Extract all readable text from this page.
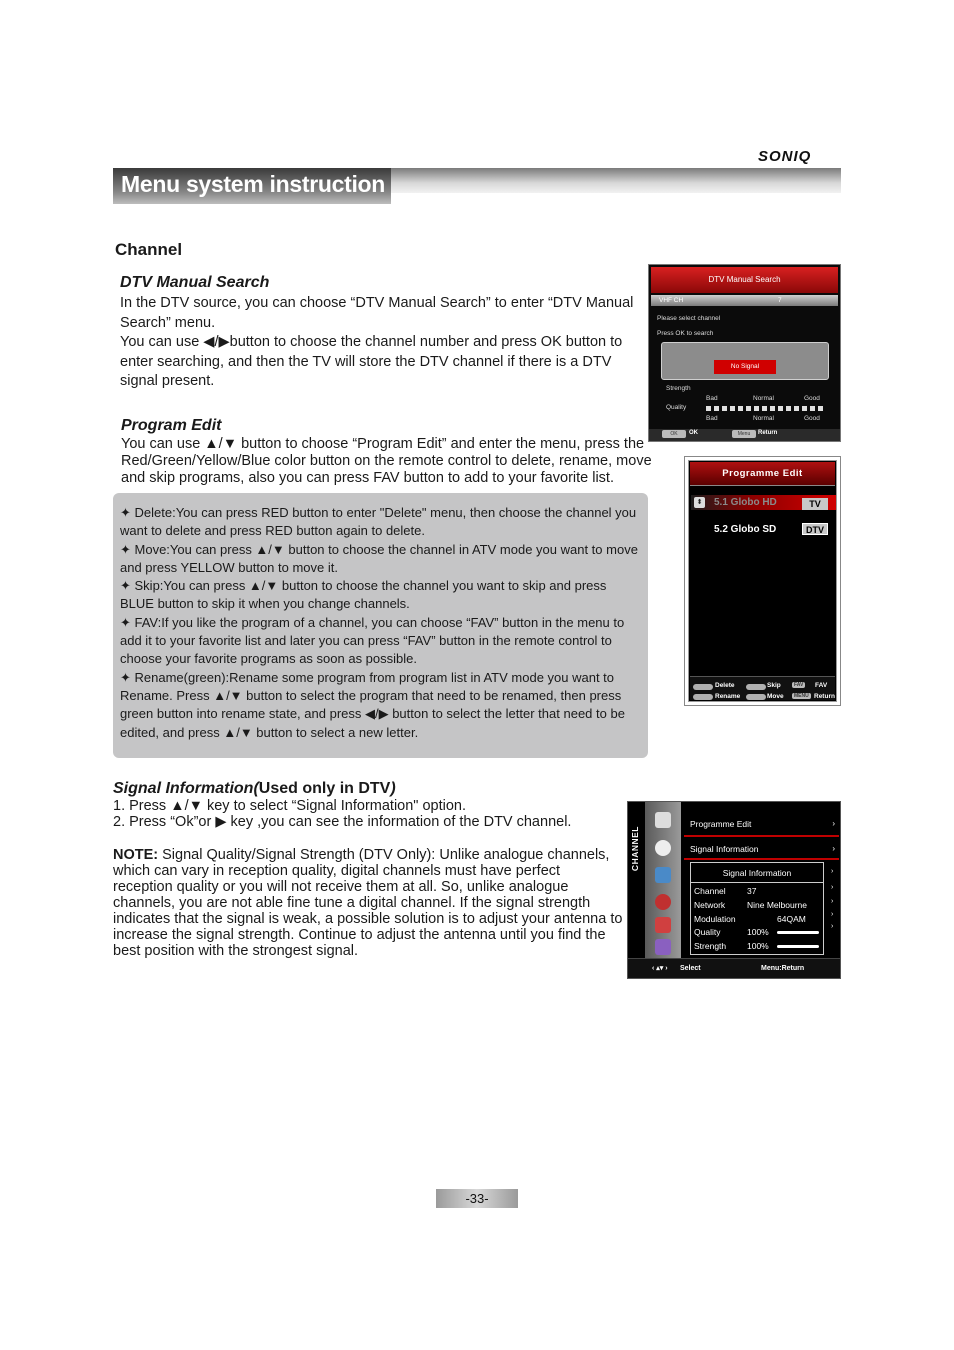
SONIQ
Menu system instruction
Channel
DTV Manual Search

In the DTV source, you can choose “DTV Manual Search” to enter “DTV Manual Search” menu.

You can use ◀/▶button to choose the channel number and press OK button to enter searching, and then the TV will store the DTV channel if there is a DTV signal present.

Program Edit
You can use ▲/▼ button to choose “Program Edit” and enter the menu, press the Red/Green/Yellow/Blue color button on the remote control to delete, rename, move and skip programs, also you can press FAV button to add to your favorite list.

✦ Delete:You can press RED button to enter "Delete" menu, then choose the channel you want to delete and press RED button again to delete.

✦ Move:You can press ▲/▼ button to choose the channel in ATV mode you want to move and press YELLOW button to move it.

✦ Skip:You can press ▲/▼ button to choose the channel you want to skip and press BLUE button to skip it when you change channels.

✦ FAV:If you like the program of a channel, you can choose “FAV” button in the menu to add it to your favorite list and later you can press “FAV” button in the remote control to choose your favorite programs as soon as possible.

✦ Rename(green):Rename some program from program list in ATV mode you want to Rename. Press ▲/▼ button to select the program that need to be renamed, then press green button into rename state, and press ◀/▶ button to select the letter that need to be edited, and press ▲/▼ button to select a new letter.

Signal Information(Used only in DTV)

1. Press ▲/▼ key to select “Signal Information" option.

2. Press “Ok”or ▶ key ,you can see the information of the DTV channel.

NOTE: Signal Quality/Signal Strength (DTV Only): Unlike analogue channels, which can vary in reception quality, digital channels must have perfect reception quality or you will not receive them at all. So, unlike analogue channels, you are not able fine tune a digital channel. If the signal strength indicates that the signal is weak, a possible solution is to adjust your antenna to increase the signal strength. Continue to adjust the antenna until you find the best position with the strongest signal.
DTV Manual Search
VHF CH	7
Please select channel
Press OK to search
No Signal
Strength
Bad	Normal	Good
Quality
Bad	Normal	Good
OK	OK	Menu	Return
Programme Edit
⬍ 5.1 Globo HD	TV
5.2 Globo SD	DTV
Delete
Rename
Skip
Move
FAV	FAV
MENU Return
CHANNEL
Programme Edit	›
Signal Information	›
Signal Information
Channel	37
Network	Nine Melbourne
Modulation	64QAM
Quality	100%
Strength 100%
›
›
›
›
›
‹ ▴▾ › Select	Menu:Return
-33-
